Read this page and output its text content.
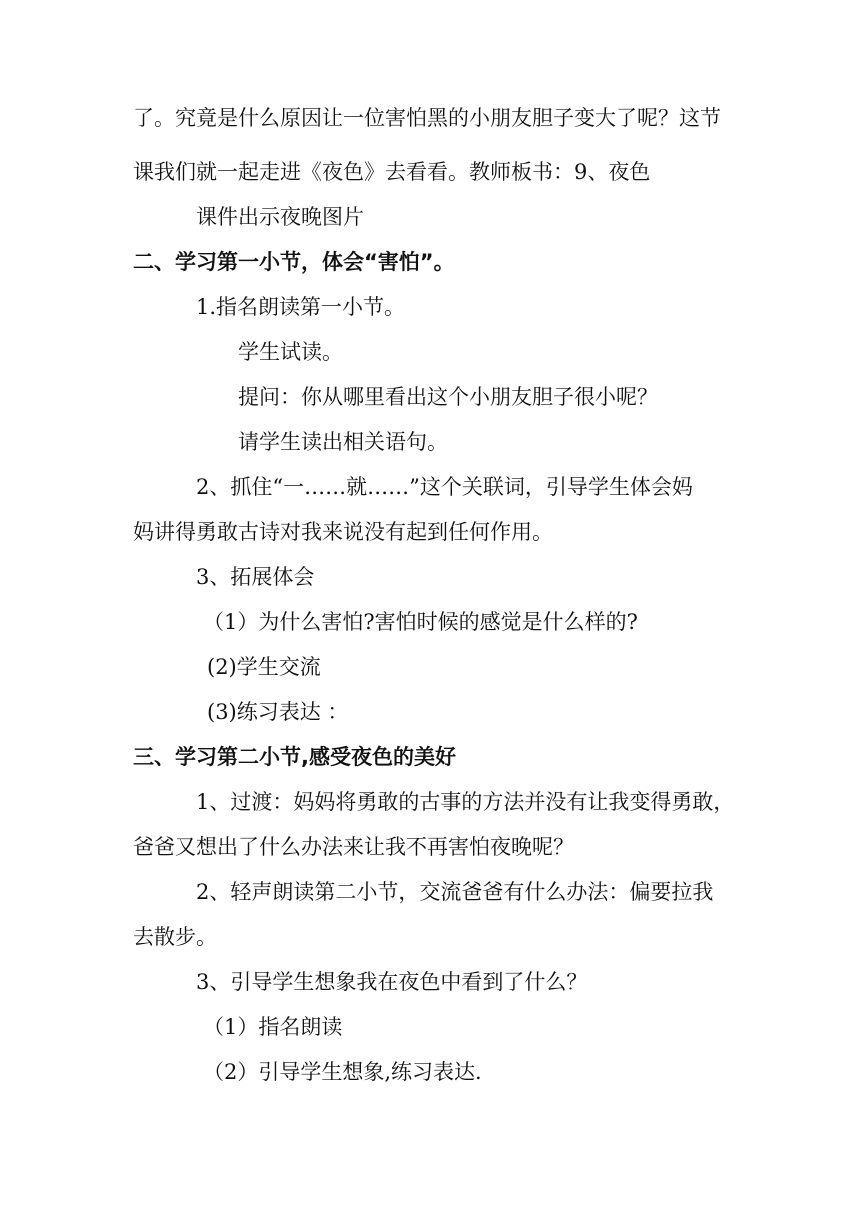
了。究竟是什么原因让一位害怕黑的小朋友胆子变大了呢？这节
课我们就一起走进《夜色》去看看。教师板书：9、夜色
课件出示夜晚图片
二、学习第一小节，体会“害怕”。
1.指名朗读第一小节。
学生试读。
提问：你从哪里看出这个小朋友胆子很小呢？
请学生读出相关语句。
2、抓住“一……就……”这个关联词，引导学生体会妈
妈讲得勇敢古诗对我来说没有起到任何作用。
3、拓展体会
（1）为什么害怕?害怕时候的感觉是什么样的?
(2)学生交流
(3)练习表达 ：
三、学习第二小节,感受夜色的美好
1、过渡：妈妈将勇敢的古事的方法并没有让我变得勇敢，
爸爸又想出了什么办法来让我不再害怕夜晚呢？
2、轻声朗读第二小节，交流爸爸有什么办法：偏要拉我
去散步。
3、引导学生想象我在夜色中看到了什么？
（1）指名朗读
（2）引导学生想象,练习表达.
